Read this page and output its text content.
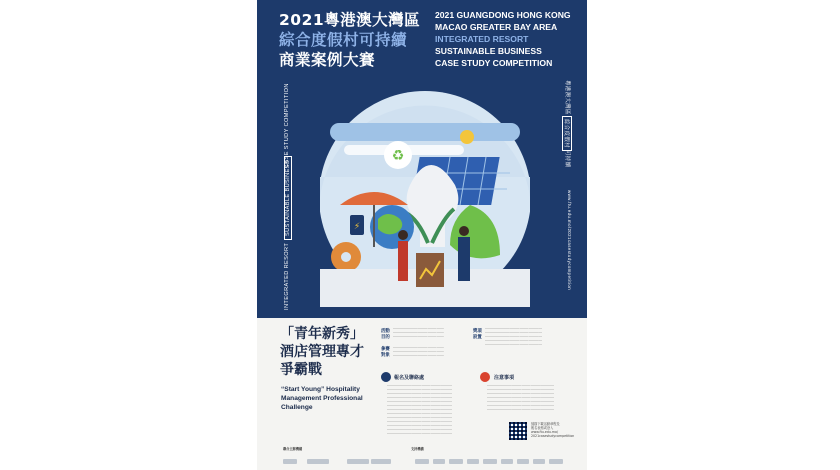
2021粵港澳大灣區
綜合度假村可持續
商業案例大賽
2021 GUANGDONG HONG KONG
MACAO GREATER BAY AREA
INTEGRATED RESORT
SUSTAINABLE BUSINESS
CASE STUDY COMPETITION
INTEGRATED RESORT
SUSTAINABLE BUSINESS
CASE STUDY COMPETITION	粵港澳大灣區
綜合度假村
可持續
www.ftu.edu.mo/2021casestudycompetition
♻
⚡
「青年新秀」
酒店管理專才
爭霸戰
“Start Young” Hospitality
Management Professional
Challenge
活動
目的
參賽
對象
··················································
··················································
··················································
··················································
··················································
··················································
獎項
設置
························································
························································
························································
························································
························································
報名及聯絡處
································································
································································
································································
································································
································································
································································
································································
································································
································································
································································
································································
································································
································································
注意事項
··································································
··································································
··································································
··································································
··································································
··································································
··································································
掃描下載活動章程及
報名表格或登入
www.ftu.edu.mo/
2021casestudycompetition
聯合主辦機構	支持機構
